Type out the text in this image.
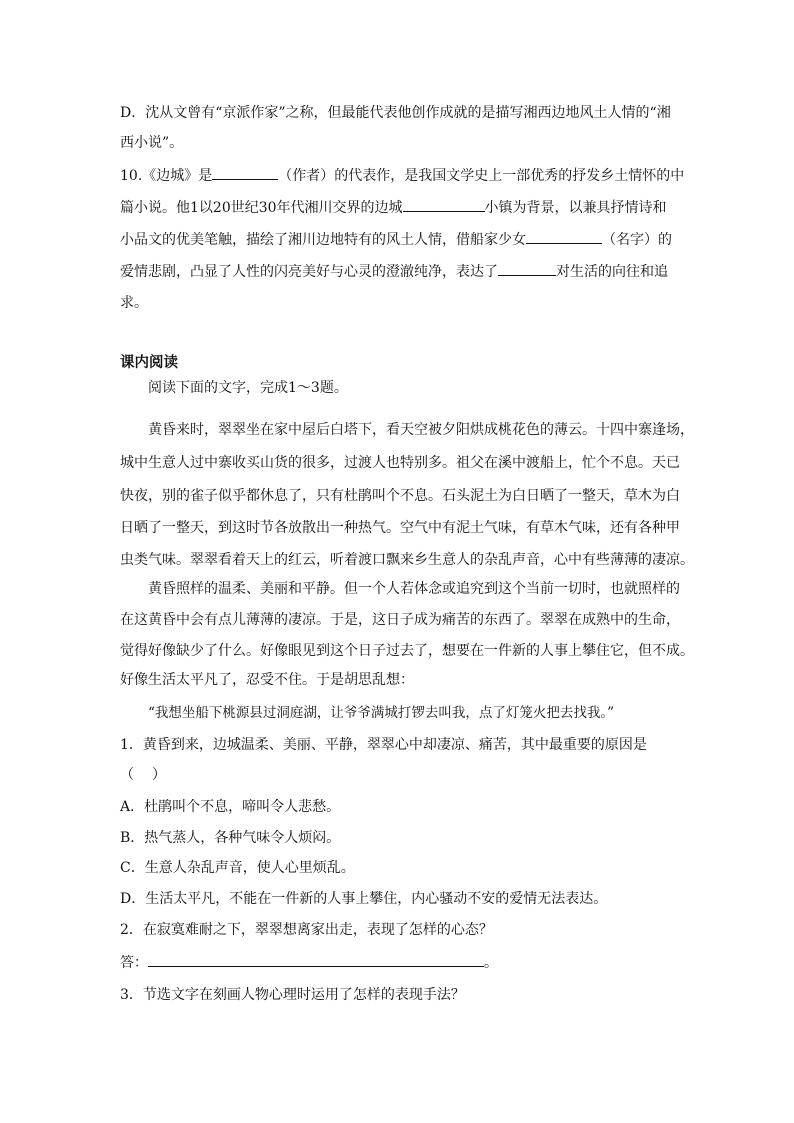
D．沈从文曾有“京派作家”之称，但最能代表他创作成就的是描写湘西边地风土人情的“湘
西小说”。
10.《边城》是	（作者）的代表作，是我国文学史上一部优秀的抒发乡土情怀的中
篇小说。他1以20世纪30年代湘川交界的边城	小镇为背景，以兼具抒情诗和
小品文的优美笔触，描绘了湘川边地特有的风土人情，借船家少女	（名字）的
爱情悲剧，凸显了人性的闪亮美好与心灵的澄澈纯净，表达了	对生活的向往和追
求。
课内阅读
阅读下面的文字，完成1～3题。
黄昏来时，翠翠坐在家中屋后白塔下，看天空被夕阳烘成桃花色的薄云。十四中寨逢场，
城中生意人过中寨收买山货的很多，过渡人也特别多。祖父在溪中渡船上，忙个不息。天已
快夜，别的雀子似乎都休息了，只有杜鹃叫个不息。石头泥土为白日晒了一整天，草木为白
日晒了一整天，到这时节各放散出一种热气。空气中有泥土气味，有草木气味，还有各种甲
虫类气味。翠翠看着天上的红云，听着渡口飘来乡生意人的杂乱声音，心中有些薄薄的凄凉。
黄昏照样的温柔、美丽和平静。但一个人若体念或追究到这个当前一切时，也就照样的
在这黄昏中会有点儿薄薄的凄凉。于是，这日子成为痛苦的东西了。翠翠在成熟中的生命，
觉得好像缺少了什么。好像眼见到这个日子过去了，想要在一件新的人事上攀住它，但不成。
好像生活太平凡了，忍受不住。于是胡思乱想：
“我想坐船下桃源县过洞庭湖，让爷爷满城打锣去叫我，点了灯笼火把去找我。”
1．黄昏到来，边城温柔、美丽、平静，翠翠心中却凄凉、痛苦，其中最重要的原因是
（ ）
A．杜鹃叫个不息，啼叫令人悲愁。
B．热气蒸人，各种气味令人烦闷。
C．生意人杂乱声音，使人心里烦乱。
D．生活太平凡，不能在一件新的人事上攀住，内心骚动不安的爱情无法表达。
2．在寂寞难耐之下，翠翠想离家出走，表现了怎样的心态？
答：	。
3．节选文字在刻画人物心理时运用了怎样的表现手法？
